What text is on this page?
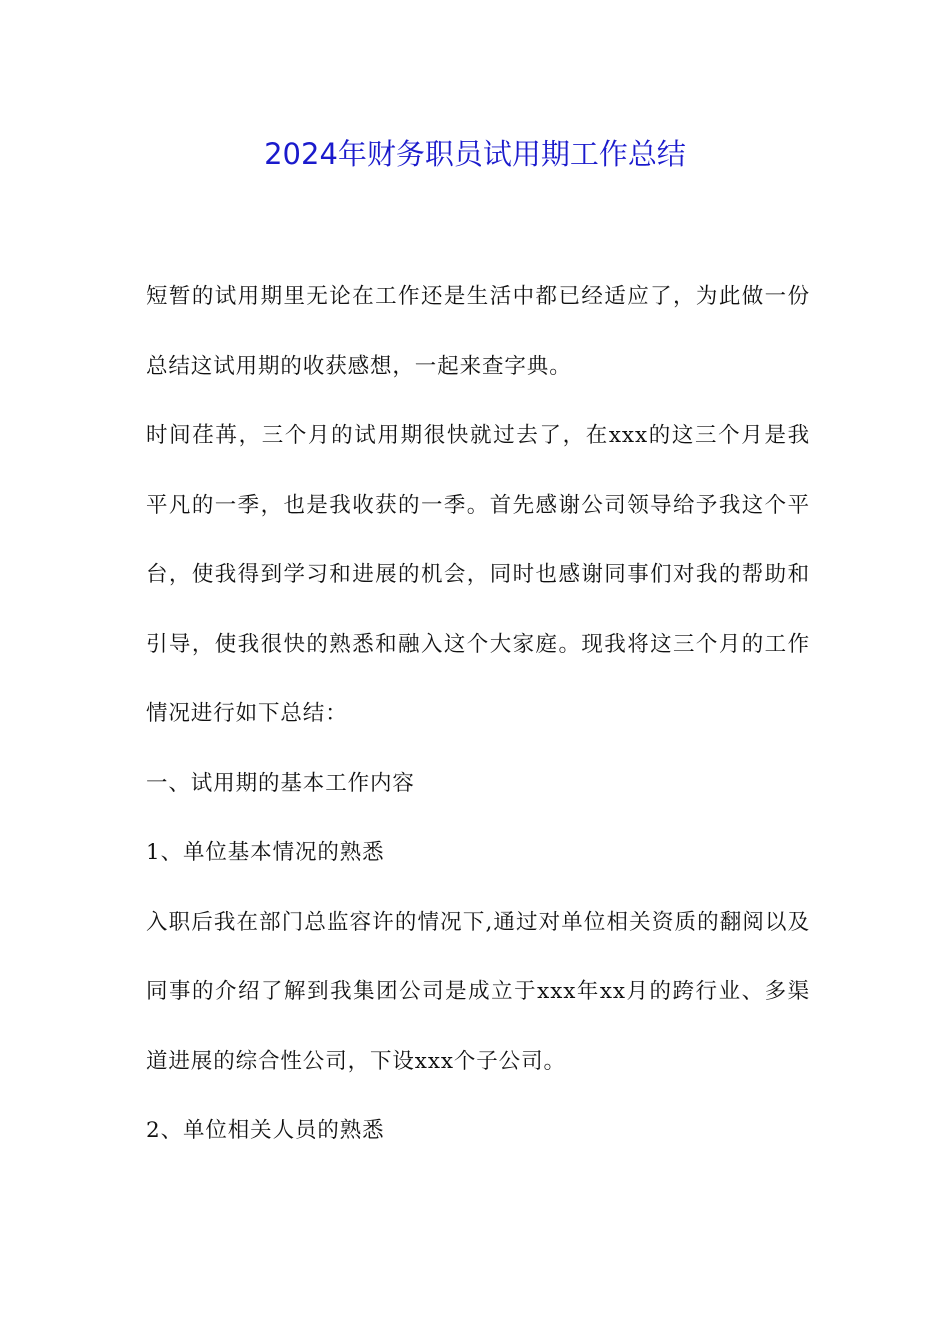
2024年财务职员试用期工作总结

短暂的试用期里无论在工作还是生活中都已经适应了，为此做一份总结这试用期的收获感想，一起来查字典。

时间荏苒，三个月的试用期很快就过去了，在xxx的这三个月是我平凡的一季，也是我收获的一季。首先感谢公司领导给予我这个平台，使我得到学习和进展的机会，同时也感谢同事们对我的帮助和引导，使我很快的熟悉和融入这个大家庭。现我将这三个月的工作情况进行如下总结：

一、试用期的基本工作内容

1、单位基本情况的熟悉

入职后我在部门总监容许的情况下,通过对单位相关资质的翻阅以及同事的介绍了解到我集团公司是成立于xxx年xx月的跨行业、多渠道进展的综合性公司，下设xxx个子公司。

2、单位相关人员的熟悉
